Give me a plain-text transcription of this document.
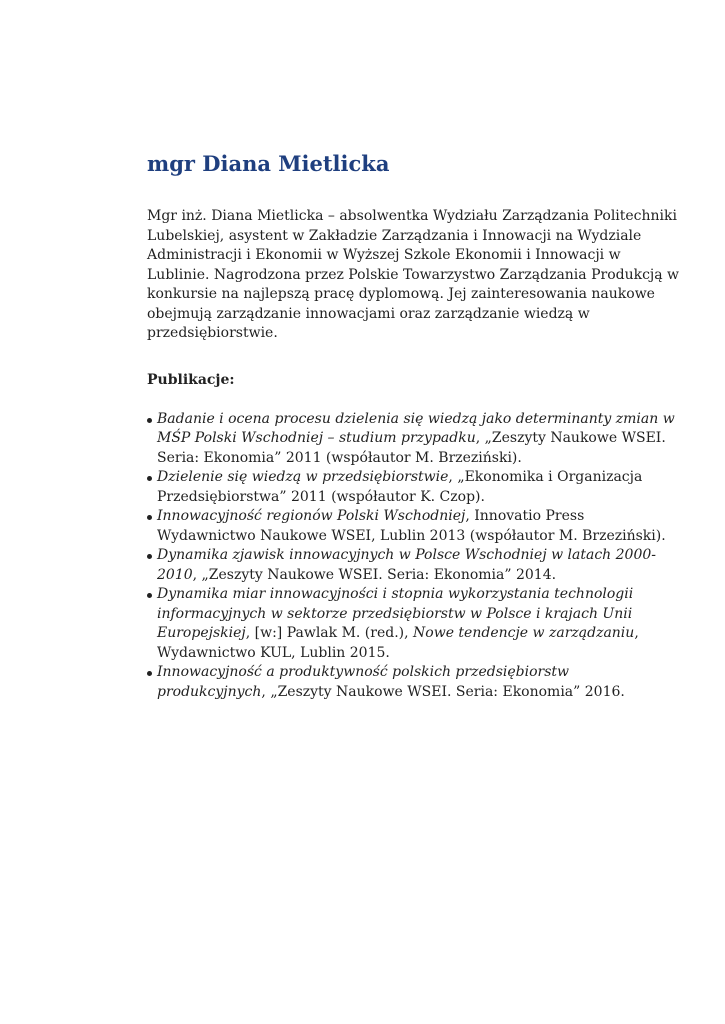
mgr Diana Mietlicka

Mgr inż. Diana Mietlicka – absolwentka Wydziału Zarządzania Politechniki Lubelskiej, asystent w Zakładzie Zarządzania i Innowacji na Wydziale Administracji i Ekonomii w Wyższej Szkole Ekonomii i Innowacji w Lublinie. Nagrodzona przez Polskie Towarzystwo Zarządzania Produkcją w konkursie na najlepszą pracę dyplomową. Jej zainteresowania naukowe obejmują zarządzanie innowacjami oraz zarządzanie wiedzą w przedsiębiorstwie.

Publikacje:

Badanie i ocena procesu dzielenia się wiedzą jako determinanty zmian w MŚP Polski Wschodniej – studium przypadku, „Zeszyty Naukowe WSEI. Seria: Ekonomia” 2011 (współautor M. Brzeziński).
Dzielenie się wiedzą w przedsiębiorstwie, „Ekonomika i Organizacja Przedsiębiorstwa” 2011 (współautor K. Czop).
Innowacyjność regionów Polski Wschodniej, Innovatio Press Wydawnictwo Naukowe WSEI, Lublin 2013 (współautor M. Brzeziński).
Dynamika zjawisk innowacyjnych w Polsce Wschodniej w latach 2000-2010, „Zeszyty Naukowe WSEI. Seria: Ekonomia” 2014.
Dynamika miar innowacyjności i stopnia wykorzystania technologii informacyjnych w sektorze przedsiębiorstw w Polsce i krajach Unii Europejskiej, [w:] Pawlak M. (red.), Nowe tendencje w zarządzaniu, Wydawnictwo KUL, Lublin 2015.
Innowacyjność a produktywność polskich przedsiębiorstw produkcyjnych, „Zeszyty Naukowe WSEI. Seria: Ekonomia” 2016.
